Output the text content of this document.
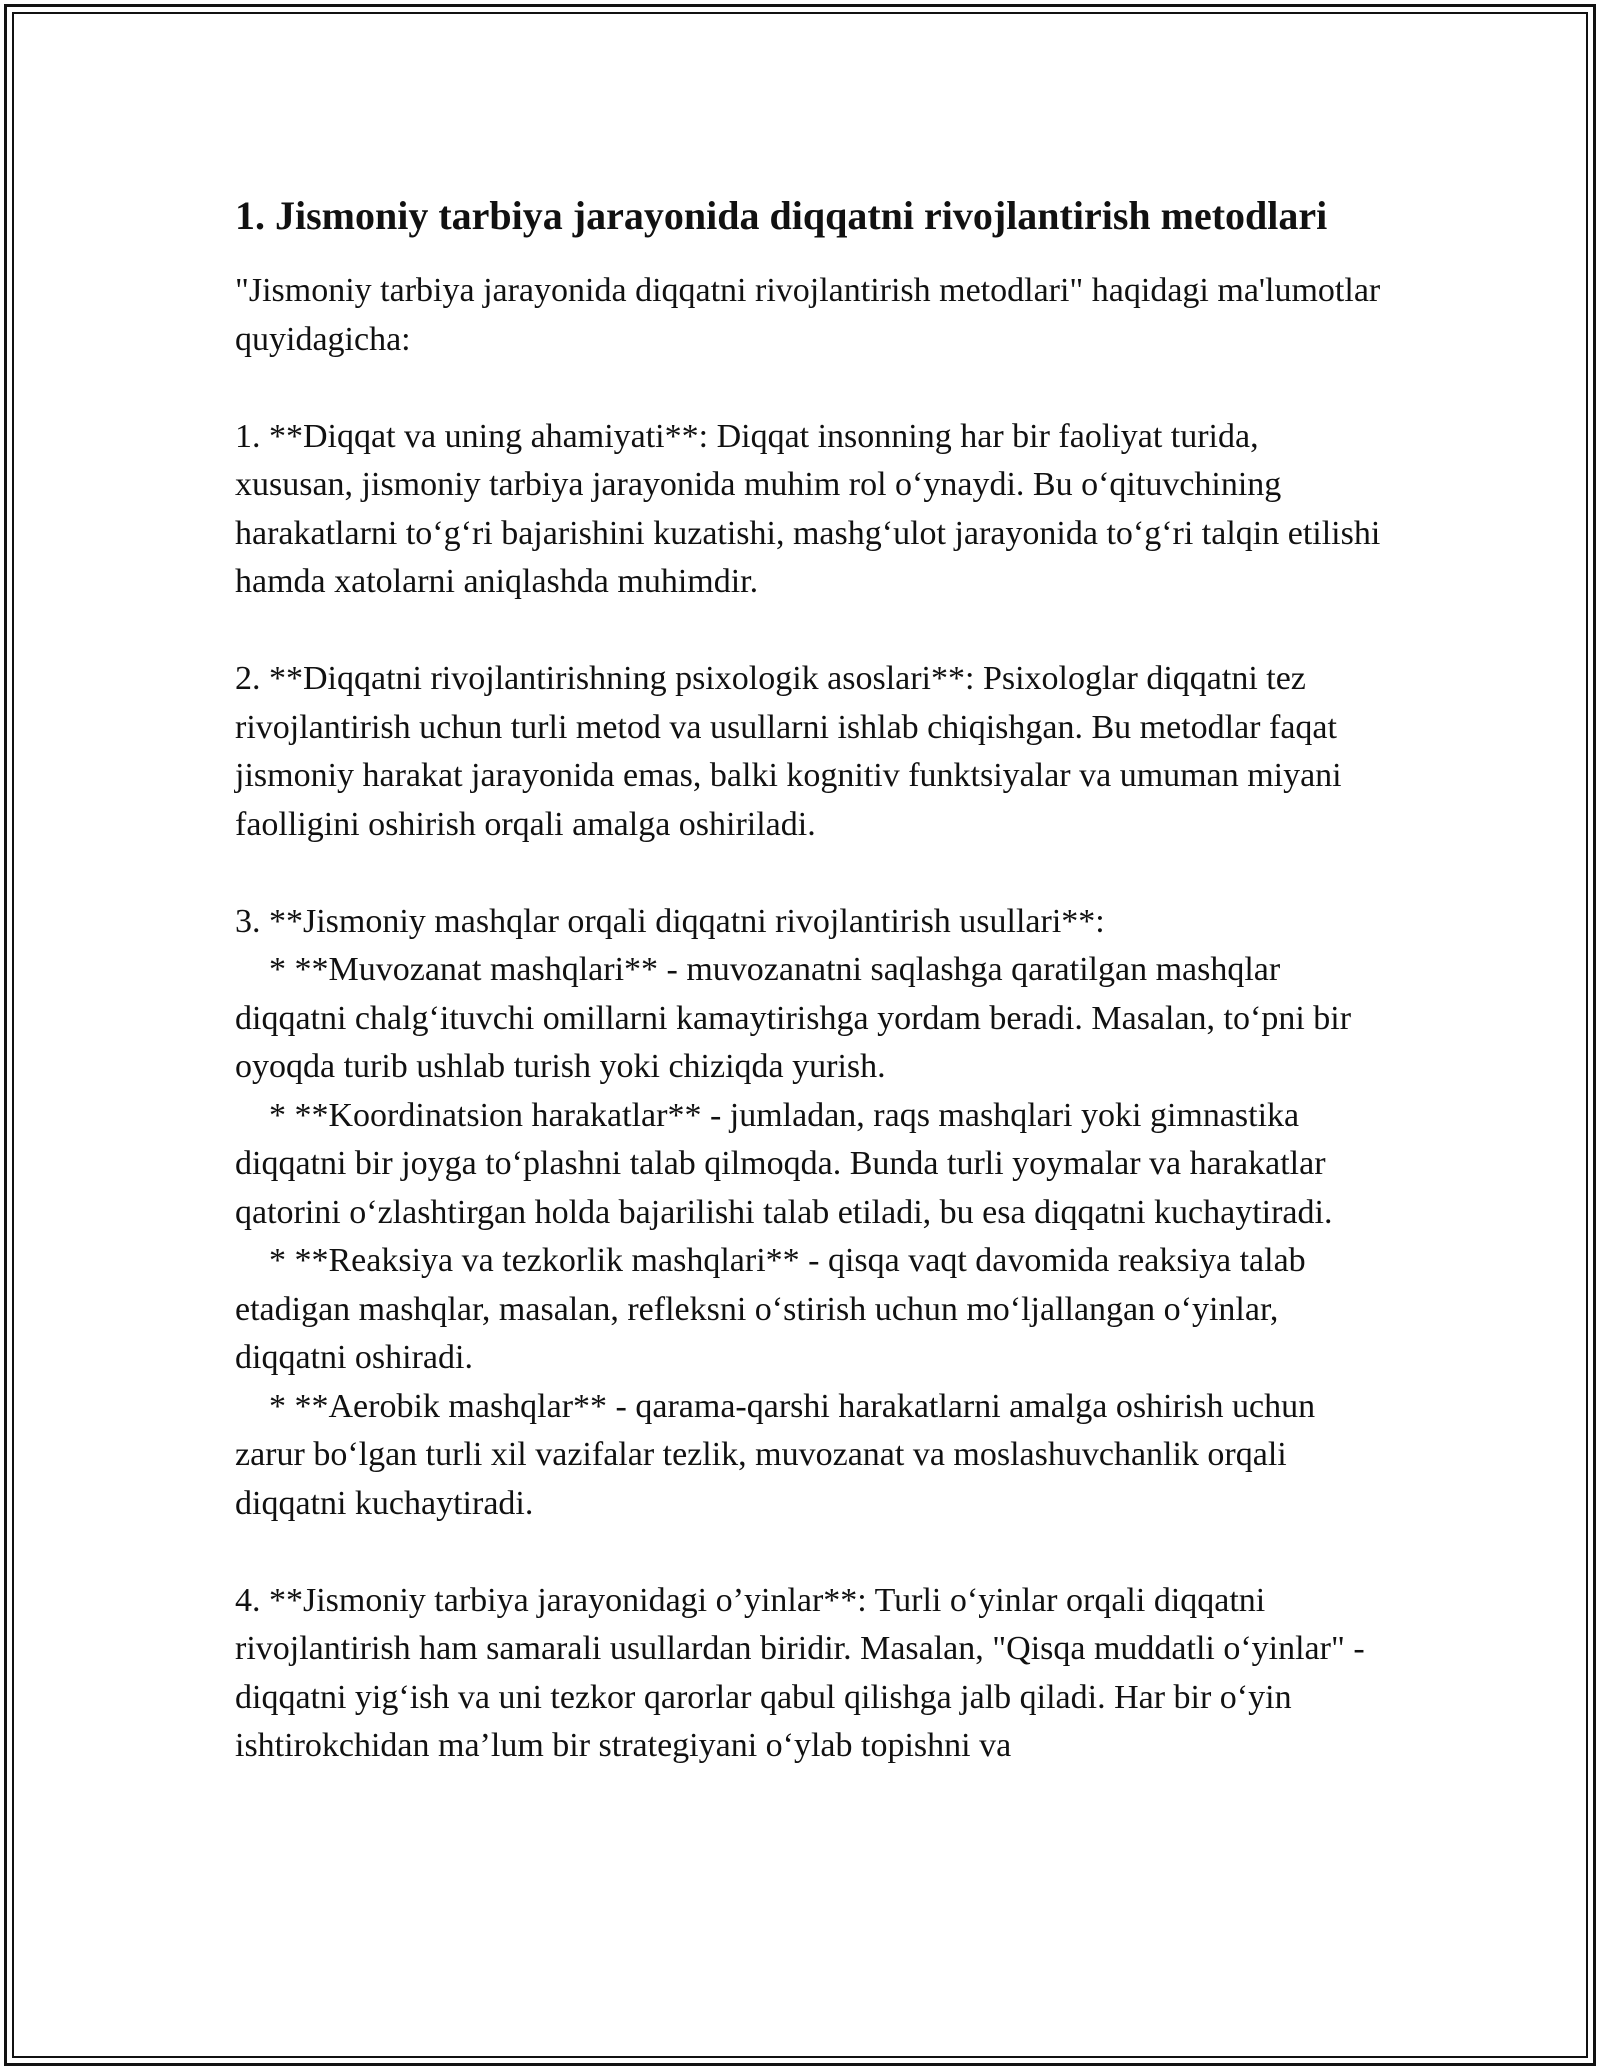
1. Jismoniy tarbiya jarayonida diqqatni rivojlantirish metodlari
"Jismoniy tarbiya jarayonida diqqatni rivojlantirish metodlari" haqidagi ma'lumotlar quyidagicha:

1. **Diqqat va uning ahamiyati**: Diqqat insonning har bir faoliyat turida, xususan, jismoniy tarbiya jarayonida muhim rol o‘ynaydi. Bu o‘qituvchining harakatlarni to‘g‘ri bajarishini kuzatishi, mashg‘ulot jarayonida to‘g‘ri talqin etilishi hamda xatolarni aniqlashda muhimdir.

2. **Diqqatni rivojlantirishning psixologik asoslari**: Psixologlar diqqatni tez rivojlantirish uchun turli metod va usullarni ishlab chiqishgan. Bu metodlar faqat jismoniy harakat jarayonida emas, balki kognitiv funktsiyalar va umuman miyani faolligini oshirish orqali amalga oshiriladi.

3. **Jismoniy mashqlar orqali diqqatni rivojlantirish usullari**:
* **Muvozanat mashqlari** - muvozanatni saqlashga qaratilgan mashqlar diqqatni chalg‘ituvchi omillarni kamaytirishga yordam beradi. Masalan, to‘pni bir oyoqda turib ushlab turish yoki chiziqda yurish.
* **Koordinatsion harakatlar** - jumladan, raqs mashqlari yoki gimnastika diqqatni bir joyga to‘plashni talab qilmoqda. Bunda turli yoymalar va harakatlar qatorini o‘zlashtirgan holda bajarilishi talab etiladi, bu esa diqqatni kuchaytiradi.
* **Reaksiya va tezkorlik mashqlari** - qisqa vaqt davomida reaksiya talab etadigan mashqlar, masalan, refleksni o‘stirish uchun mo‘ljallangan o‘yinlar, diqqatni oshiradi.
* **Aerobik mashqlar** - qarama-qarshi harakatlarni amalga oshirish uchun zarur bo‘lgan turli xil vazifalar tezlik, muvozanat va moslashuvchanlik orqali diqqatni kuchaytiradi.

4. **Jismoniy tarbiya jarayonidagi o’yinlar**: Turli o‘yinlar orqali diqqatni rivojlantirish ham samarali usullardan biridir. Masalan, "Qisqa muddatli o‘yinlar" - diqqatni yig‘ish va uni tezkor qarorlar qabul qilishga jalb qiladi. Har bir o‘yin ishtirokchidan ma’lum bir strategiyani o‘ylab topishni va
